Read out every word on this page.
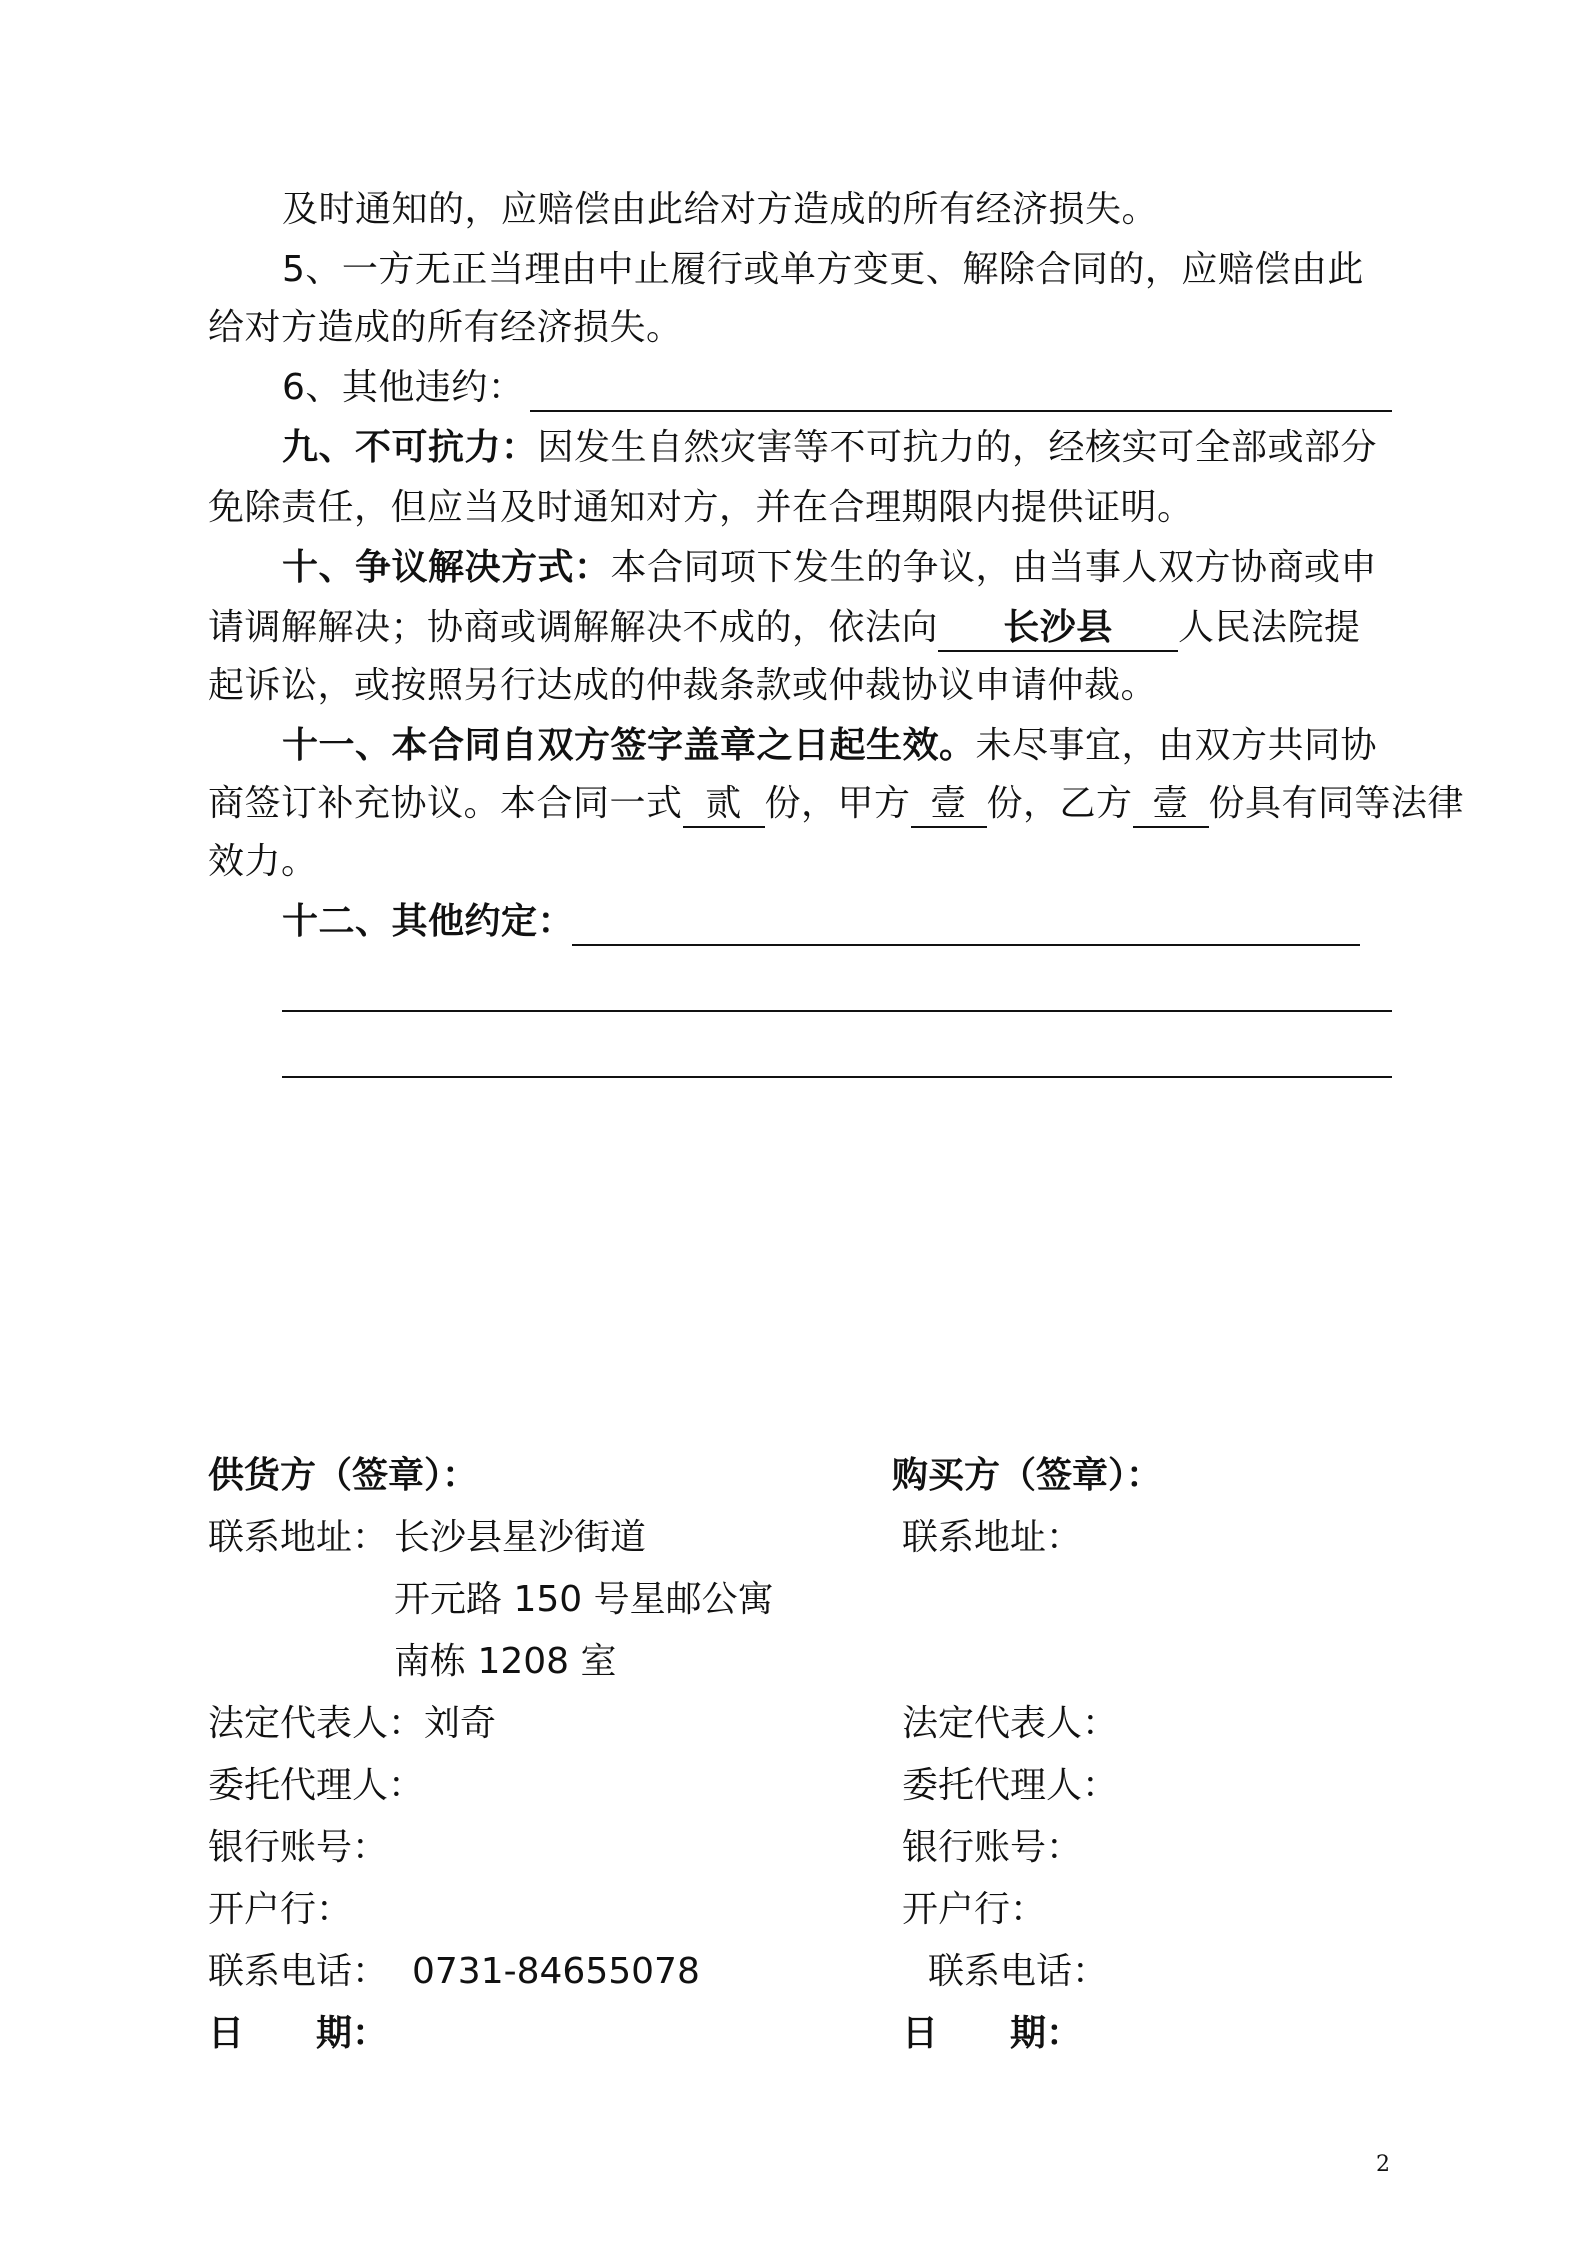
及时通知的，应赔偿由此给对方造成的所有经济损失。
5、一方无正当理由中止履行或单方变更、解除合同的，应赔偿由此
给对方造成的所有经济损失。
6、其他违约：
九、不可抗力：因发生自然灾害等不可抗力的，经核实可全部或部分
免除责任，但应当及时通知对方，并在合理期限内提供证明。
十、争议解决方式：本合同项下发生的争议，由当事人双方协商或申
请调解解决；协商或调解解决不成的，依法向 长沙县 人民法院提
起诉讼，或按照另行达成的仲裁条款或仲裁协议申请仲裁。
十一、本合同自双方签字盖章之日起生效。未尽事宜，由双方共同协
商签订补充协议。本合同一式 贰 份，甲方 壹 份，乙方 壹 份具有同等法律
效力。
十二、其他约定：
供货方（签章）：
联系地址： 长沙县星沙街道
开元路 150 号星邮公寓
南栋 1208 室
法定代表人：刘奇
委托代理人：
银行账号：
开户行：
联系电话： 0731-84655078
日　　期：
购买方（签章）：
联系地址：
法定代表人：
委托代理人：
银行账号：
开户行：
联系电话：
日　　期：
2
